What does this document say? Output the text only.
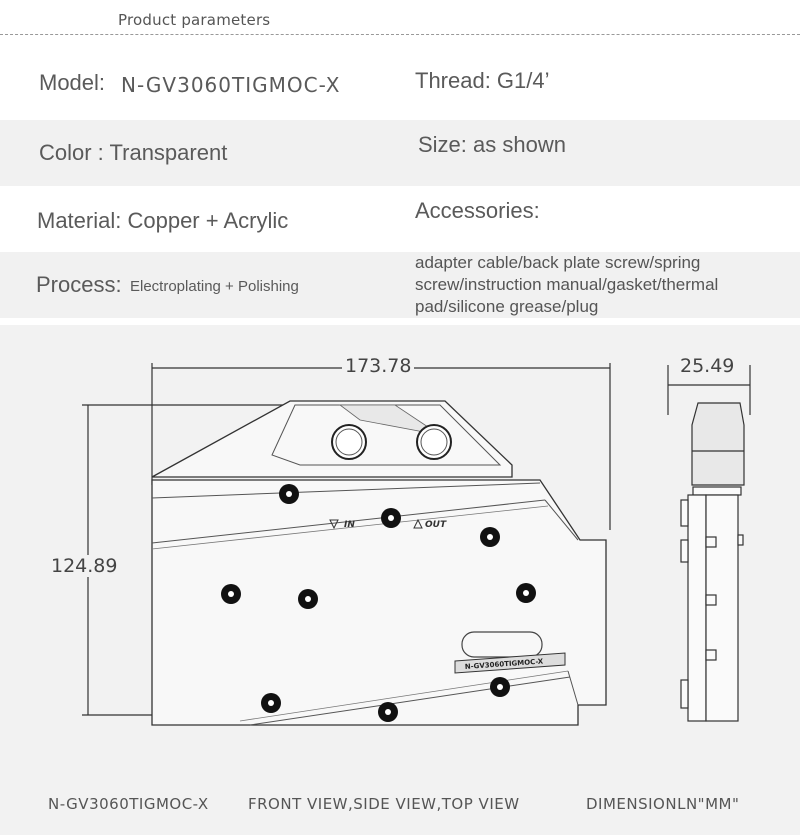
Product parameters
Model: N-GV3060TIGMOC-X	Thread: G1/4’
Color : Transparent	Size: as shown
Material: Copper + Acrylic	Accessories:
Process: Electroplating + Polishing
adapter cable/back plate screw/spring screw/instruction manual/gasket/thermal pad/silicone grease/plug
IN	OUT
N-GV3060TIGMOC-X
173.78
124.89
25.49
N-GV3060TIGMOC-X	FRONT VIEW,SIDE VIEW,TOP VIEW	DIMENSIONLN"MM"
